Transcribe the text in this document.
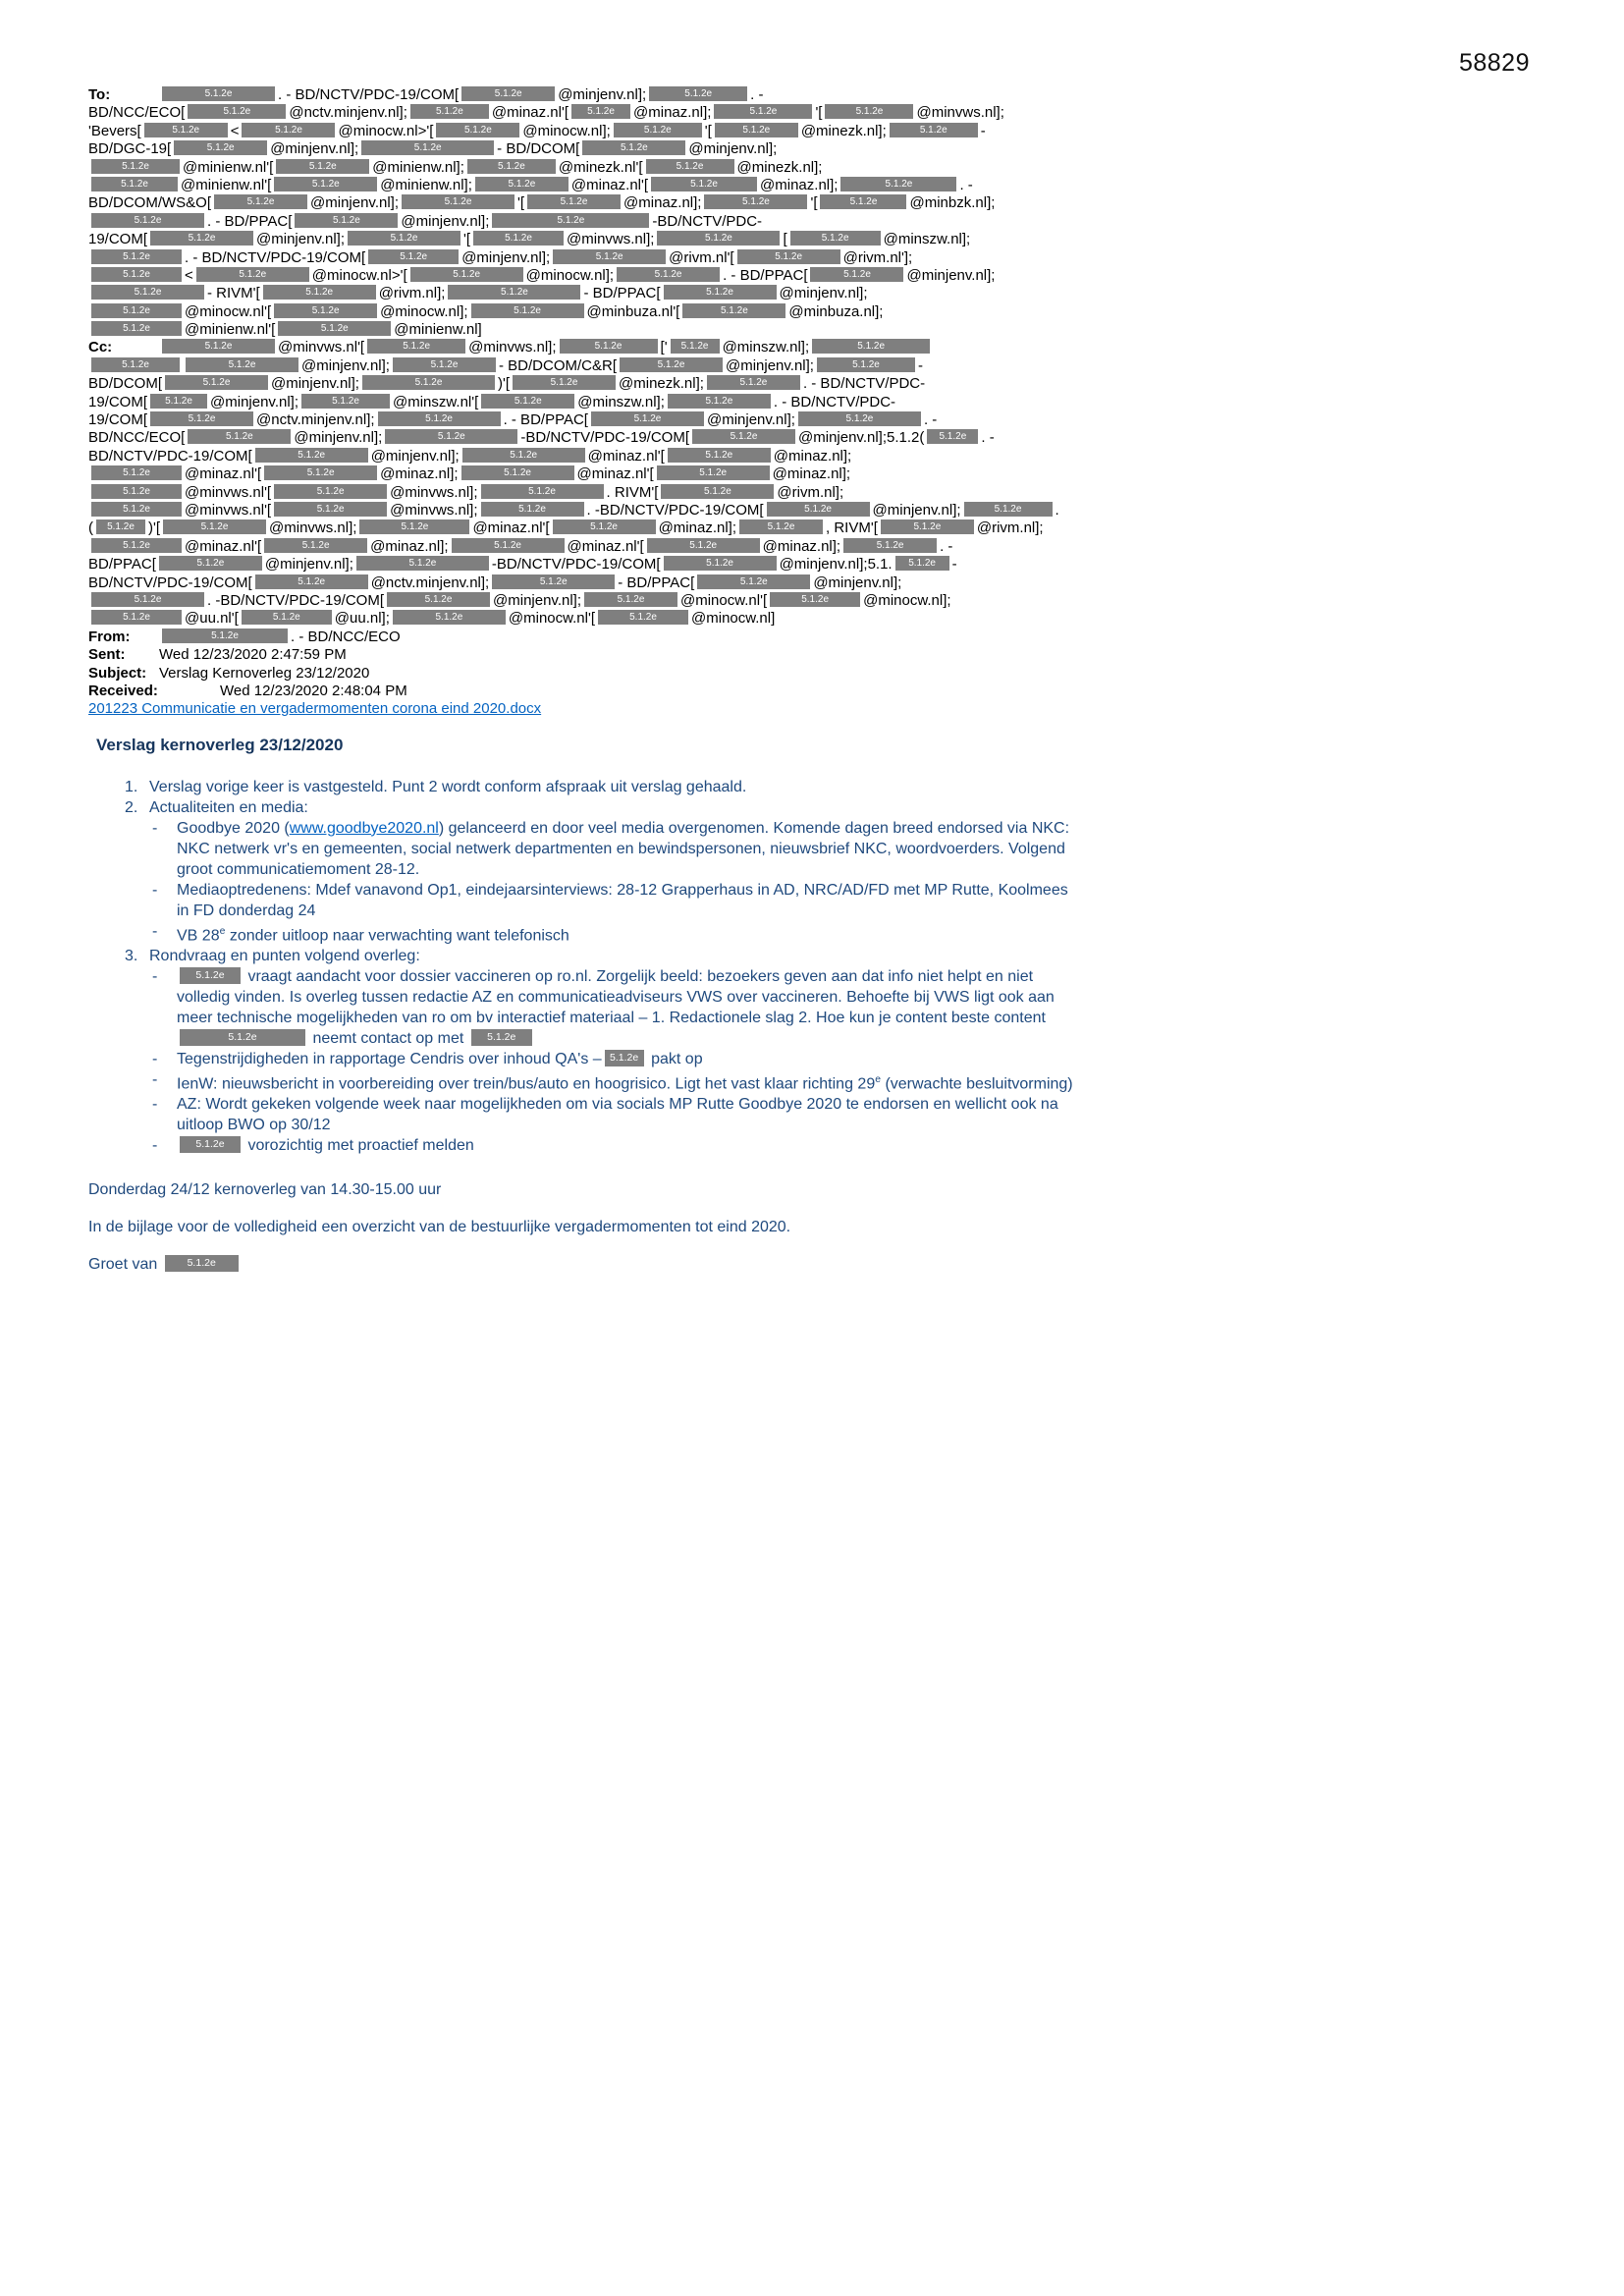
58829
To:	5.1.2e	. - BD/NCTV/PDC-19/COM[	5.1.2e @minjenv.nl];	5.1.2e	. -
BD/NCC/ECO[	5.1.2e	@nctv.minjenv.nl];	5.1.2e @minaz.nl'[ 5.1.2e @minaz.nl];	5.1.2e	'[	5.1.2e @minvws.nl];
'Bevers[	5.1.2e <	5.1.2e @minocw.nl>'[	5.1.2e @minocw.nl];	5.1.2e '[	5.1.2e @minezk.nl];	5.1.2e -
BD/DGC-19[	5.1.2e @minjenv.nl];	5.1.2e	- BD/DCOM[	5.1.2e	@minjenv.nl];
5.1.2e @minienw.nl'[	5.1.2e @minienw.nl];	5.1.2e @minezk.nl'[	5.1.2e @minezk.nl];
5.1.2e @minienw.nl'[	5.1.2e	@minienw.nl];	5.1.2e @minaz.nl'[	5.1.2e	@minaz.nl];	5.1.2e	. -
BD/DCOM/WS&O[	5.1.2e @minjenv.nl];	5.1.2e	'[	5.1.2e @minaz.nl];	5.1.2e	'[	5.1.2e @minbzk.nl];
5.1.2e	. - BD/PPAC[	5.1.2e	@minjenv.nl];	5.1.2e	-BD/NCTV/PDC-
19/COM[	5.1.2e	@minjenv.nl];	5.1.2e	'[	5.1.2e @minvws.nl];	5.1.2e	[	5.1.2e @minszw.nl];
5.1.2e . - BD/NCTV/PDC-19/COM[	5.1.2e @minjenv.nl];	5.1.2e	@rivm.nl'[	5.1.2e	@rivm.nl'];
5.1.2e <	5.1.2e	@minocw.nl>'[	5.1.2e	@minocw.nl];	5.1.2e	. - BD/PPAC[	5.1.2e @minjenv.nl];
5.1.2e	- RIVM'[	5.1.2e	@rivm.nl];	5.1.2e	- BD/PPAC[	5.1.2e	@minjenv.nl];
5.1.2e @minocw.nl'[	5.1.2e	@minocw.nl];	5.1.2e	@minbuza.nl'[	5.1.2e	@minbuza.nl];
5.1.2e @minienw.nl'[	5.1.2e	@minienw.nl]
Cc:	5.1.2e	@minvws.nl'[	5.1.2e	@minvws.nl];	5.1.2e	[' 5.1.2e @minszw.nl];	5.1.2e
5.1.2e	5.1.2e	@minjenv.nl];	5.1.2e	- BD/DCOM/C&R[	5.1.2e	@minjenv.nl];	5.1.2e	-
BD/DCOM[	5.1.2e	@minjenv.nl];	5.1.2e	)'[	5.1.2e	@minezk.nl];	5.1.2e . - BD/NCTV/PDC-
19/COM[ 5.1.2e @minjenv.nl];	5.1.2e @minszw.nl'[	5.1.2e @minszw.nl];	5.1.2e	. - BD/NCTV/PDC-
19/COM[	5.1.2e	@nctv.minjenv.nl];	5.1.2e	. - BD/PPAC[	5.1.2e	@minjenv.nl];	5.1.2e	. -
BD/NCC/ECO[	5.1.2e	@minjenv.nl];	5.1.2e	-BD/NCTV/PDC-19/COM[	5.1.2e	@minjenv.nl];5.1.2( 5.1.2e . -
BD/NCTV/PDC-19/COM[	5.1.2e	@minjenv.nl];	5.1.2e	@minaz.nl'[	5.1.2e	@minaz.nl];
5.1.2e @minaz.nl'[	5.1.2e	@minaz.nl];	5.1.2e	@minaz.nl'[	5.1.2e	@minaz.nl];
5.1.2e @minvws.nl'[	5.1.2e	@minvws.nl];	5.1.2e	. RIVM'[	5.1.2e	@rivm.nl];
5.1.2e @minvws.nl'[	5.1.2e	@minvws.nl];	5.1.2e	. -BD/NCTV/PDC-19/COM[	5.1.2e	@minjenv.nl];	5.1.2e .
( 5.1.2e )'[	5.1.2e	@minvws.nl];	5.1.2e	@minaz.nl'[	5.1.2e	@minaz.nl];	5.1.2e , RIVM'[	5.1.2e @rivm.nl];
5.1.2e @minaz.nl'[	5.1.2e	@minaz.nl];	5.1.2e	@minaz.nl'[	5.1.2e	@minaz.nl];	5.1.2e . -
BD/PPAC[	5.1.2e	@minjenv.nl];	5.1.2e	-BD/NCTV/PDC-19/COM[	5.1.2e	@minjenv.nl];5.1. 5.1.2e -
BD/NCTV/PDC-19/COM[	5.1.2e	@nctv.minjenv.nl];	5.1.2e	- BD/PPAC[	5.1.2e	@minjenv.nl];
5.1.2e	. -BD/NCTV/PDC-19/COM[	5.1.2e	@minjenv.nl];	5.1.2e @minocw.nl'[	5.1.2e @minocw.nl];
5.1.2e @uu.nl'[	5.1.2e @uu.nl];	5.1.2e	@minocw.nl'[	5.1.2e @minocw.nl]
From:	5.1.2e	. - BD/NCC/ECO
Sent: Wed 12/23/2020 2:47:59 PM
Subject: Verslag Kernoverleg 23/12/2020
Received:	Wed 12/23/2020 2:48:04 PM
201223 Communicatie en vergadermomenten corona eind 2020.docx
Verslag kernoverleg 23/12/2020
1. Verslag vorige keer is vastgesteld. Punt 2 wordt conform afspraak uit verslag gehaald.
2. Actualiteiten en media:
-	Goodbye 2020 (www.goodbye2020.nl) gelanceerd en door veel media overgenomen. Komende dagen breed endorsed via NKC: NKC netwerk vr's en gemeenten, social netwerk departmenten en bewindspersonen, nieuwsbrief NKC, woordvoerders. Volgend groot communicatiemoment 28-12.
-	Mediaoptredenens: Mdef vanavond Op1, eindejaarsinterviews: 28-12 Grapperhaus in AD, NRC/AD/FD met MP Rutte, Koolmees in FD donderdag 24
-	VB 28e zonder uitloop naar verwachting want telefonisch
3. Rondvraag en punten volgend overleg:
-	5.1.2e vraagt aandacht voor dossier vaccineren op ro.nl. Zorgelijk beeld: bezoekers geven aan dat info niet helpt en niet volledig vinden. Is overleg tussen redactie AZ en communicatieadviseurs VWS over vaccineren. Behoefte bij VWS ligt ook aan meer technische mogelijkheden van ro om bv interactief materiaal – 1. Redactionele slag 2. Hoe kun je content beste content 5.1.2e	neemt contact op met 5.1.2e
-	Tegenstrijdigheden in rapportage Cendris over inhoud QA's – 5.1.2e pakt op
-	IenW: nieuwsbericht in voorbereiding over trein/bus/auto en hoogrisico. Ligt het vast klaar richting 29e (verwachte besluitvorming)
-	AZ: Wordt gekeken volgende week naar mogelijkheden om via socials MP Rutte Goodbye 2020 te endorsen en wellicht ook na uitloop BWO op 30/12
-	5.1.2e vorozichtig met proactief melden
Donderdag 24/12 kernoverleg van 14.30-15.00 uur
In de bijlage voor de volledigheid een overzicht van de bestuurlijke vergadermomenten tot eind 2020.
Groet van 5.1.2e
